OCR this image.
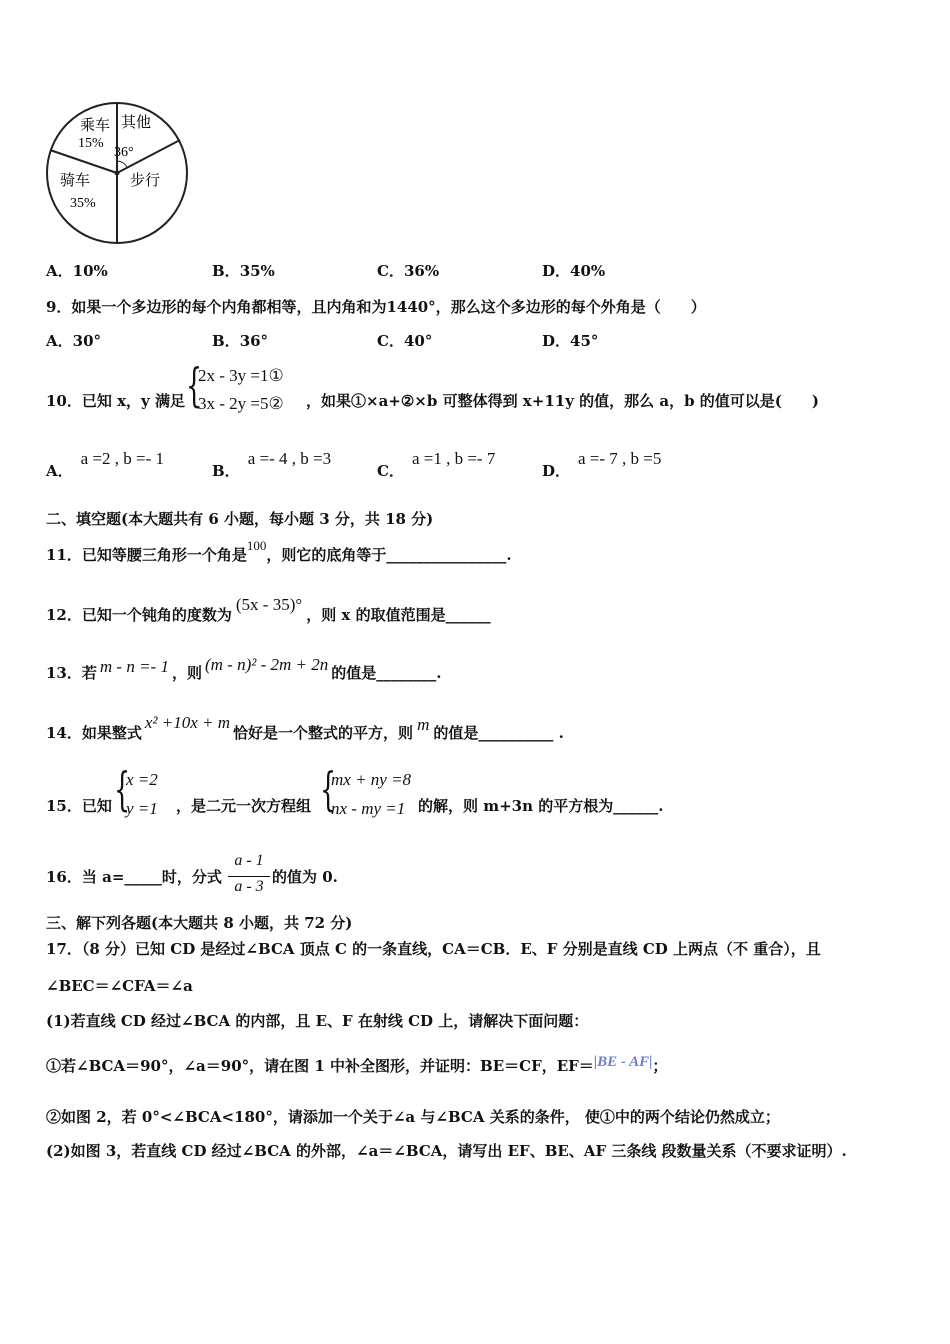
乘车
15%
其他
36°
骑车
35%
步行
A．10%	B．35%	C．36%	D．40%
9．如果一个多边形的每个内角都相等，且内角和为1440°，那么这个多边形的每个外角是（　　）
A．30°	B．36°	C．40°	D．45°
10．已知 x，y 满足 {
2x - 3y =1①
3x - 2y =5② ，如果①×a+②×b 可整体得到 x+11y 的值，那么 a，b 的值可以是(　　)
A．a =2 , b =- 1
B．a =- 4 , b =3
C．a =1 , b =- 7
D．a =- 7 , b =5
二、填空题(本大题共有 6 小题，每小题 3 分，共 18 分)
11．已知等腰三角形一个角是100，则它的底角等于________________.
12．已知一个钝角的度数为(5x - 35)°，则 x 的取值范围是______
13．若 m - n =- 1 ，则 (m - n)² - 2m + 2n 的值是________.
14．如果整式x² +10x + m恰好是一个整式的平方，则 m 的值是__________ .
15．已知 {
x =2
y =1 ，是二元一次方程组 {
mx + ny =8
nx - my =1 的解，则 m+3n 的平方根为______.
16．当 a=_____时，分式
a - 1
a - 3
的值为 0.
三、解下列各题(本大题共 8 小题，共 72 分)
17．（8 分）已知 CD 是经过∠BCA 顶点 C 的一条直线，CA＝CB．E、F 分别是直线 CD 上两点（不 重合），且
∠BEC＝∠CFA＝∠a
(1)若直线 CD 经过∠BCA 的内部，且 E、F 在射线 CD 上，请解决下面问题：
①若∠BCA＝90°，∠a＝90°，请在图 1 中补全图形，并证明：BE＝CF，EF＝|BE - AF|；
②如图 2，若 0°<∠BCA<180°，请添加一个关于∠a 与∠BCA 关系的条件， 使①中的两个结论仍然成立；
(2)如图 3，若直线 CD 经过∠BCA 的外部，∠a＝∠BCA，请写出 EF、BE、AF 三条线 段数量关系（不要求证明）.
